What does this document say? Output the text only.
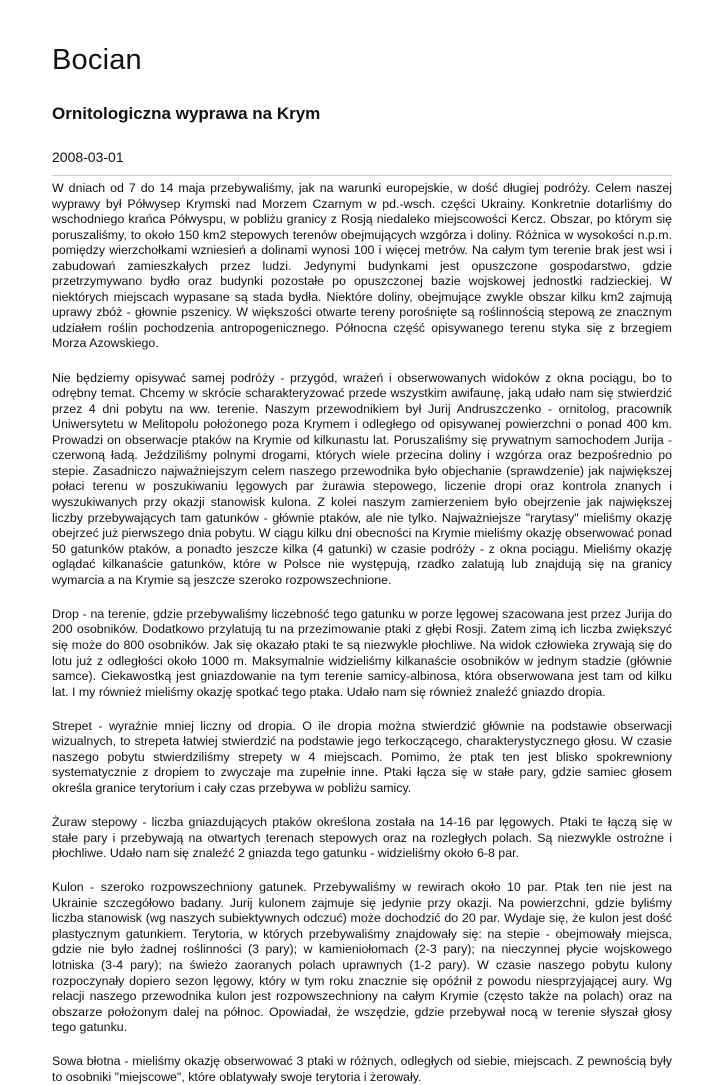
Bocian
Ornitologiczna wyprawa na Krym
2008-03-01

W dniach od 7 do 14 maja przebywaliśmy, jak na warunki europejskie, w dość długiej podróży. Celem naszej wyprawy był Półwysep Krymski nad Morzem Czarnym w pd.-wsch. części Ukrainy. Konkretnie dotarliśmy do wschodniego krańca Półwyspu, w pobliżu granicy z Rosją niedaleko miejscowości Kercz. Obszar, po którym się poruszaliśmy, to około 150 km2 stepowych terenów obejmujących wzgórza i doliny. Różnica w wysokości n.p.m. pomiędzy wierzchołkami wzniesień a dolinami wynosi 100 i więcej metrów. Na całym tym terenie brak jest wsi i zabudowań zamieszkałych przez ludzi. Jedynymi budynkami jest opuszczone gospodarstwo, gdzie przetrzymywano bydło oraz budynki pozostałe po opuszczonej bazie wojskowej jednostki radzieckiej. W niektórych miejscach wypasane są stada bydła. Niektóre doliny, obejmujące zwykle obszar kilku km2 zajmują uprawy zbóż - głownie pszenicy. W większości otwarte tereny porośnięte są roślinnością stepową ze znacznym udziałem roślin pochodzenia antropogenicznego. Północna część opisywanego terenu styka się z brzegiem Morza Azowskiego.

Nie będziemy opisywać samej podróży - przygód, wrażeń i obserwowanych widoków z okna pociągu, bo to odrębny temat. Chcemy w skrócie scharakteryzować przede wszystkim awifaunę, jaką udało nam się stwierdzić przez 4 dni pobytu na ww. terenie. Naszym przewodnikiem był Jurij Andruszczenko - ornitolog, pracownik Uniwersytetu w Melitopolu położonego poza Krymem i odległego od opisywanej powierzchni o ponad 400 km. Prowadzi on obserwacje ptaków na Krymie od kilkunastu lat. Poruszaliśmy się prywatnym samochodem Jurija - czerwoną ładą. Jeździliśmy polnymi drogami, których wiele przecina doliny i wzgórza oraz bezpośrednio po stepie. Zasadniczo najważniejszym celem naszego przewodnika było objechanie (sprawdzenie) jak największej połaci terenu w poszukiwaniu lęgowych par żurawia stepowego, liczenie dropi oraz kontrola znanych i wyszukiwanych przy okazji stanowisk kulona. Z kolei naszym zamierzeniem było obejrzenie jak największej liczby przebywających tam gatunków - głównie ptaków, ale nie tylko. Najważniejsze "rarytasy" mieliśmy okazję obejrzeć już pierwszego dnia pobytu. W ciągu kilku dni obecności na Krymie mieliśmy okazję obserwować ponad 50 gatunków ptaków, a ponadto jeszcze kilka (4 gatunki) w czasie podróży - z okna pociągu. Mieliśmy okazję oglądać kilkanaście gatunków, które w Polsce nie występują, rzadko zalatują lub znajdują się na granicy wymarcia a na Krymie są jeszcze szeroko rozpowszechnione.

Drop - na terenie, gdzie przebywaliśmy liczebność tego gatunku w porze lęgowej szacowana jest przez Jurija do 200 osobników. Dodatkowo przylatują tu na przezimowanie ptaki z głębi Rosji. Zatem zimą ich liczba zwiększyć się może do 800 osobników. Jak się okazało ptaki te są niezwykle płochliwe. Na widok człowieka zrywają się do lotu już z odległości około 1000 m. Maksymalnie widzieliśmy kilkanaście osobników w jednym stadzie (głównie samce). Ciekawostką jest gniazdowanie na tym terenie samicy-albinosa, która obserwowana jest tam od kilku lat. I my również mieliśmy okazję spotkać tego ptaka. Udało nam się również znaleźć gniazdo dropia.

Strepet - wyraźnie mniej liczny od dropia. O ile dropia można stwierdzić głównie na podstawie obserwacji wizualnych, to strepeta łatwiej stwierdzić na podstawie jego terkoczącego, charakterystycznego głosu. W czasie naszego pobytu stwierdziliśmy strepety w 4 miejscach. Pomimo, że ptak ten jest blisko spokrewniony systematycznie z dropiem to zwyczaje ma zupełnie inne. Ptaki łącza się w stałe pary, gdzie samiec głosem określa granice terytorium i cały czas przebywa w pobliżu samicy.

Żuraw stepowy - liczba gniazdujących ptaków określona została na 14-16 par lęgowych. Ptaki te łączą się w stałe pary i przebywają na otwartych terenach stepowych oraz na rozległych polach. Są niezwykle ostrożne i płochliwe. Udało nam się znaleźć 2 gniazda tego gatunku - widzieliśmy około 6-8 par.

Kulon - szeroko rozpowszechniony gatunek. Przebywaliśmy w rewirach około 10 par. Ptak ten nie jest na Ukrainie szczegółowo badany. Jurij kulonem zajmuje się jedynie przy okazji. Na powierzchni, gdzie byliśmy liczba stanowisk (wg naszych subiektywnych odczuć) może dochodzić do 20 par. Wydaje się, że kulon jest dość plastycznym gatunkiem. Terytoria, w których przebywaliśmy znajdowały się: na stepie - obejmowały miejsca, gdzie nie było żadnej roślinności (3 pary); w kamieniołomach (2-3 pary); na nieczynnej płycie wojskowego lotniska (3-4 pary); na świeżo zaoranych polach uprawnych (1-2 pary). W czasie naszego pobytu kulony rozpoczynały dopiero sezon lęgowy, który w tym roku znacznie się opóźnił z powodu niesprzyjającej aury. Wg relacji naszego przewodnika kulon jest rozpowszechniony na całym Krymie (często także na polach) oraz na obszarze położonym dalej na północ. Opowiadał, że wszędzie, gdzie przebywał nocą w terenie słyszał głosy tego gatunku.

Sowa błotna - mieliśmy okazję obserwować 3 ptaki w różnych, odległych od siebie, miejscach. Z pewnością były to osobniki "miejscowe", które oblatywały swoje terytoria i żerowały.
